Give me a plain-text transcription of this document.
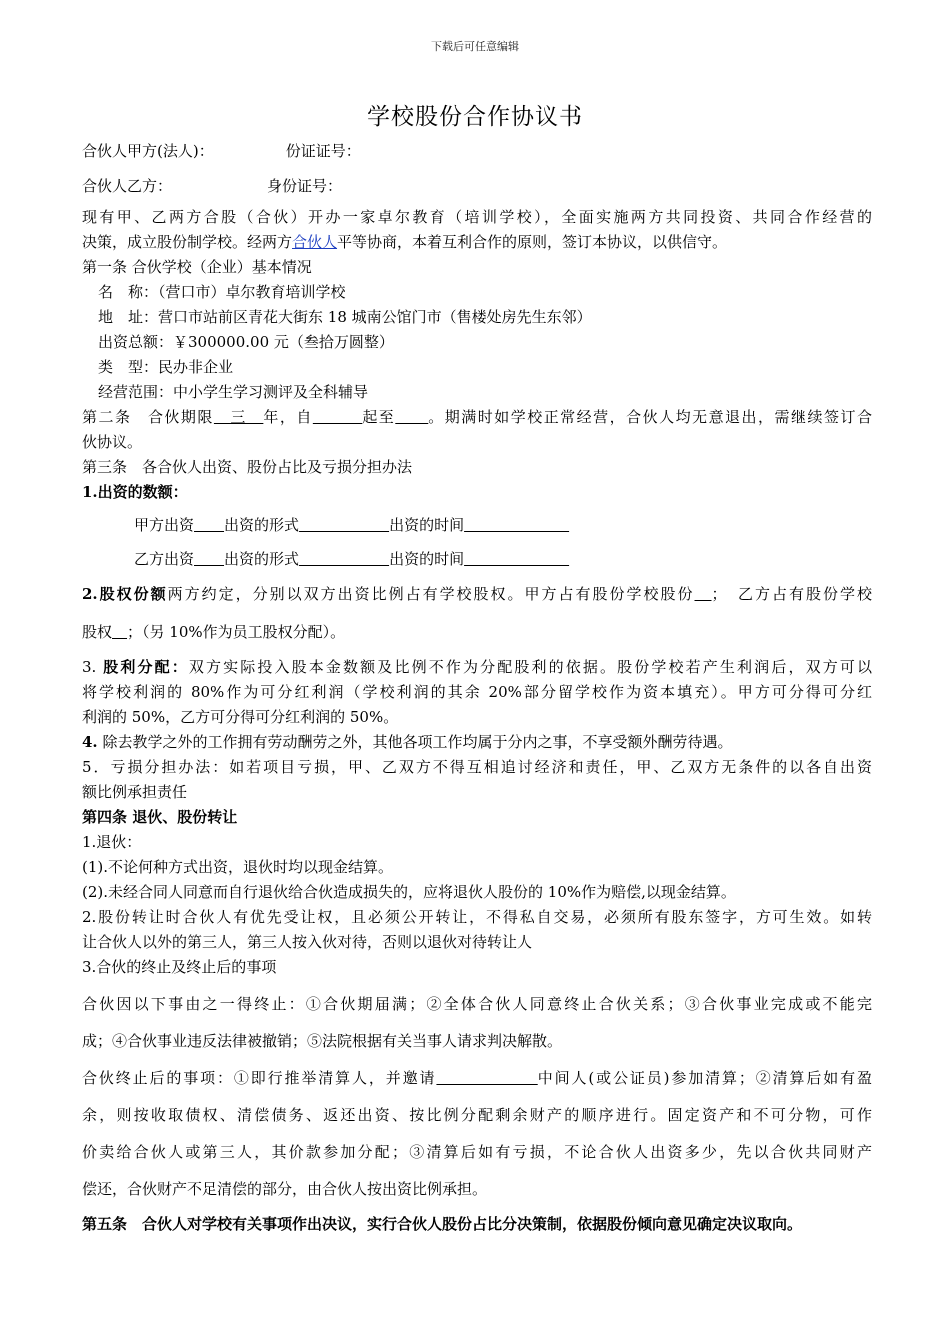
下载后可任意编辑
学校股份合作协议书
合伙人甲方(法人)：	份证证号：
合伙人乙方：	身份证号：
现有甲、乙两方合股（合伙）开办一家卓尔教育（培训学校），全面实施两方共同投资、共同合作经营的
决策，成立股份制学校。经两方合伙人平等协商，本着互利合作的原则，签订本协议，以供信守。
第一条 合伙学校（企业）基本情况
名　称：（营口市）卓尔教育培训学校
地　址：营口市站前区青花大街东 18 城南公馆门市（售楼处房先生东邻）
出资总额：￥300000.00 元（叁拾万圆整）
类　型：民办非企业
经营范围：中小学生学习测评及全科辅导
第二条　合伙期限　三　年，自　　　	起至　　 。期满时如学校正常经营，合伙人均无意退出，需继续签订合
伙协议。
第三条　各合伙人出资、股份占比及亏损分担办法
1.出资的数额：
甲方出资　　 出资的形式　　　　　　	出资的时间　　　　　　　
乙方出资　　 出资的形式　　　　　　	出资的时间　　　　　　　
2.股权份额两方约定，分别以双方出资比例占有学校股权。甲方占有股份学校股份　 ；　乙方占有股份学校
股权　 ；（另 10%作为员工股权分配）。
3. 股利分配：双方实际投入股本金数额及比例不作为分配股利的依据。股份学校若产生利润后，双方可以
将学校利润的 80%作为可分红利润（学校利润的其余 20%部分留学校作为资本填充）。甲方可分得可分红
利润的 50%，乙方可分得可分红利润的 50%。
4. 除去教学之外的工作拥有劳动酬劳之外，其他各项工作均属于分内之事，不享受额外酬劳待遇。
5．亏损分担办法：如若项目亏损，甲、乙双方不得互相追讨经济和责任，甲、乙双方无条件的以各自出资
额比例承担责任
第四条 退伙、股份转让
1.退伙：
(1).不论何种方式出资，退伙时均以现金结算。
(2).未经合同人同意而自行退伙给合伙造成损失的，应将退伙人股份的 10%作为赔偿,以现金结算。
2.股份转让时合伙人有优先受让权，且必须公开转让，不得私自交易，必须所有股东签字，方可生效。如转
让合伙人以外的第三人，第三人按入伙对待，否则以退伙对待转让人
3.合伙的终止及终止后的事项
合伙因以下事由之一得终止：①合伙期届满；②全体合伙人同意终止合伙关系；③合伙事业完成或不能完
成；④合伙事业违反法律被撤销；⑤法院根据有关当事人请求判决解散。
合伙终止后的事项：①即行推举清算人，并邀请　　　　　　	中间人(或公证员)参加清算；②清算后如有盈
余，则按收取债权、清偿债务、返还出资、按比例分配剩余财产的顺序进行。固定资产和不可分物，可作
价卖给合伙人或第三人，其价款参加分配；③清算后如有亏损，不论合伙人出资多少，先以合伙共同财产
偿还，合伙财产不足清偿的部分，由合伙人按出资比例承担。
第五条　合伙人对学校有关事项作出决议，实行合伙人股份占比分决策制，依据股份倾向意见确定决议取向。
